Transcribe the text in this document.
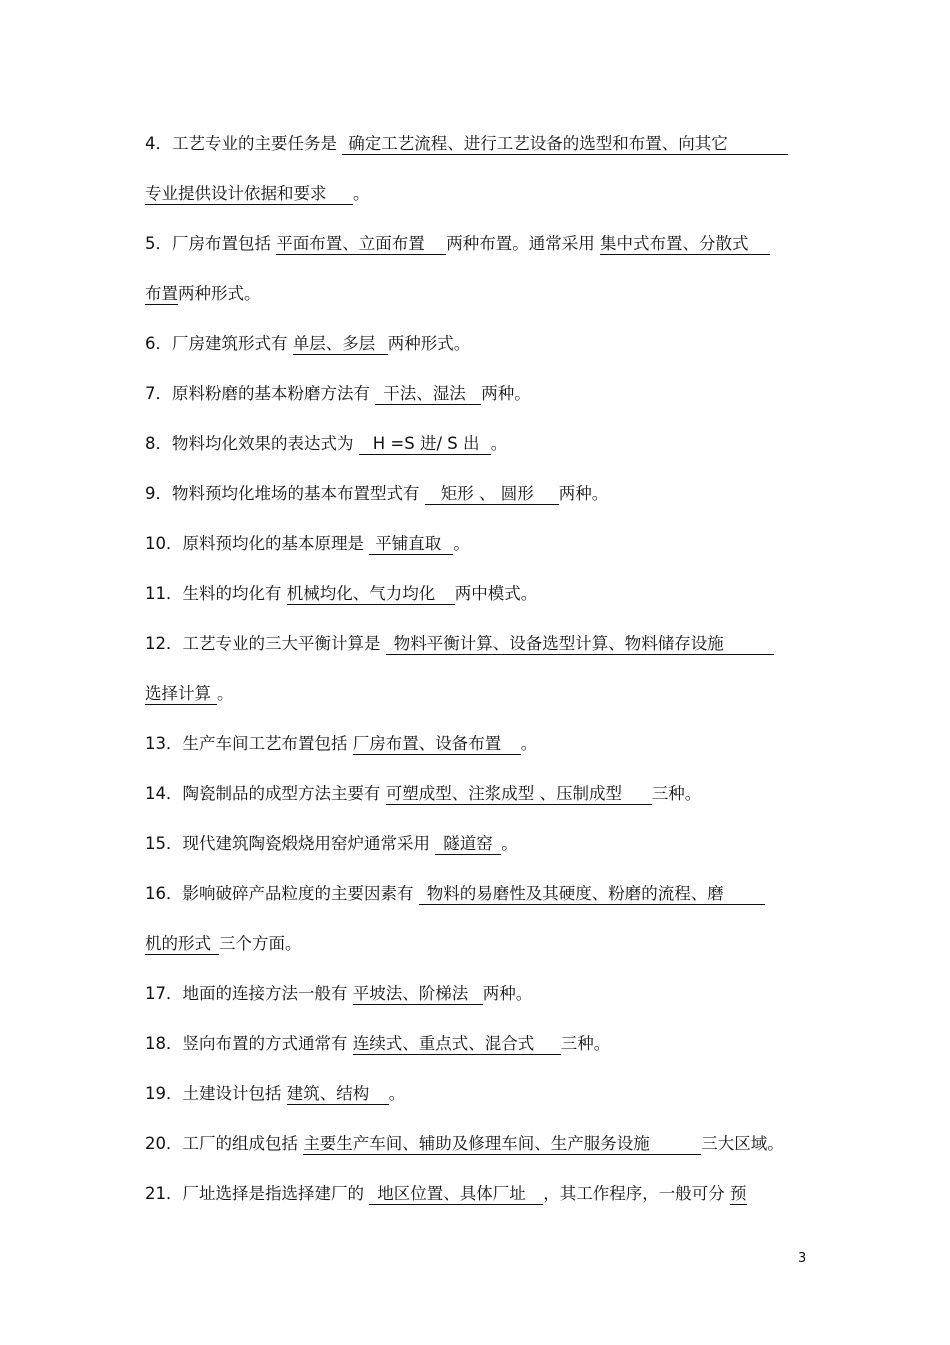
4．工艺专业的主要任务是 确定工艺流程、进行工艺设备的选型和布置、向其它
专业提供设计依据和要求 。
5．厂房布置包括 平面布置、立面布置 两种布置。通常采用 集中式布置、分散式
布置两种形式。
6．厂房建筑形式有 单层、多层 两种形式。
7．原料粉磨的基本粉磨方法有 干法、湿法 两种。
8．物料均化效果的表达式为 H =S 进/ S 出 。
9．物料预均化堆场的基本布置型式有 矩形 、 圆形 两种。
10．原料预均化的基本原理是 平铺直取 。
11．生料的均化有 机械均化、气力均化 两中模式。
12．工艺专业的三大平衡计算是 物料平衡计算、设备选型计算、物料储存设施
选择计算 。
13．生产车间工艺布置包括 厂房布置、设备布置 。
14．陶瓷制品的成型方法主要有 可塑成型、注浆成型 、压制成型 三种。
15．现代建筑陶瓷煅烧用窑炉通常采用 隧道窑 。
16．影响破碎产品粒度的主要因素有 物料的易磨性及其硬度、粉磨的流程、磨
机的形式 三个方面。
17．地面的连接方法一般有 平坡法、阶梯法 两种。
18．竖向布置的方式通常有 连续式、重点式、混合式 三种。
19．土建设计包括 建筑、结构 。
20．工厂的组成包括 主要生产车间、辅助及修理车间、生产服务设施	三大区域。
21．厂址选择是指选择建厂的 地区位置、具体厂址 ，其工作程序，一般可分 预
3
